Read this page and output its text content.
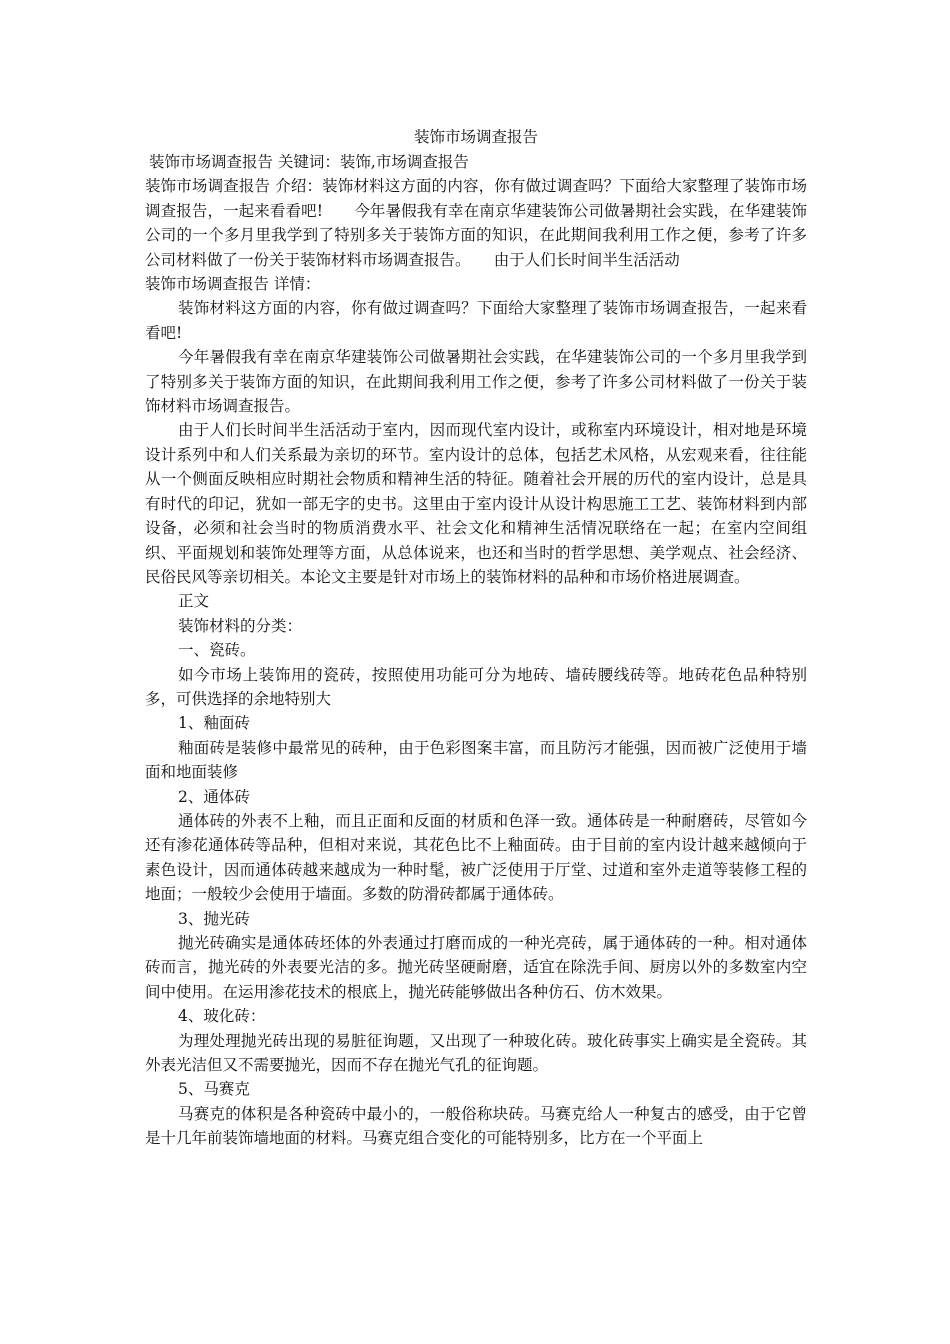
装饰市场调查报告

装饰市场调查报告 关键词：装饰,市场调查报告

装饰市场调查报告 介绍：装饰材料这方面的内容，你有做过调查吗？下面给大家整理了装饰市场调查报告，一起来看看吧!　　今年暑假我有幸在南京华建装饰公司做暑期社会实践，在华建装饰公司的一个多月里我学到了特别多关于装饰方面的知识，在此期间我利用工作之便，参考了许多公司材料做了一份关于装饰材料市场调查报告。　　由于人们长时间半生活活动

装饰市场调查报告 详情：

装饰材料这方面的内容，你有做过调查吗？下面给大家整理了装饰市场调查报告，一起来看看吧!

今年暑假我有幸在南京华建装饰公司做暑期社会实践，在华建装饰公司的一个多月里我学到了特别多关于装饰方面的知识，在此期间我利用工作之便，参考了许多公司材料做了一份关于装饰材料市场调查报告。

由于人们长时间半生活活动于室内，因而现代室内设计，或称室内环境设计，相对地是环境设计系列中和人们关系最为亲切的环节。室内设计的总体，包括艺术风格，从宏观来看，往往能从一个侧面反映相应时期社会物质和精神生活的特征。随着社会开展的历代的室内设计，总是具有时代的印记，犹如一部无字的史书。这里由于室内设计从设计构思施工工艺、装饰材料到内部设备，必须和社会当时的物质消费水平、社会文化和精神生活情况联络在一起；在室内空间组织、平面规划和装饰处理等方面，从总体说来，也还和当时的哲学思想、美学观点、社会经济、民俗民风等亲切相关。本论文主要是针对市场上的装饰材料的品种和市场价格进展调查。

正文

装饰材料的分类：

一、瓷砖。

如今市场上装饰用的瓷砖，按照使用功能可分为地砖、墙砖腰线砖等。地砖花色品种特别多，可供选择的余地特别大

1、釉面砖

釉面砖是装修中最常见的砖种，由于色彩图案丰富，而且防污才能强，因而被广泛使用于墙面和地面装修

2、通体砖

通体砖的外表不上釉，而且正面和反面的材质和色泽一致。通体砖是一种耐磨砖，尽管如今还有渗花通体砖等品种，但相对来说，其花色比不上釉面砖。由于目前的室内设计越来越倾向于素色设计，因而通体砖越来越成为一种时髦，被广泛使用于厅堂、过道和室外走道等装修工程的地面；一般较少会使用于墙面。多数的防滑砖都属于通体砖。

3、抛光砖

抛光砖确实是通体砖坯体的外表通过打磨而成的一种光亮砖，属于通体砖的一种。相对通体砖而言，抛光砖的外表要光洁的多。抛光砖坚硬耐磨，适宜在除洗手间、厨房以外的多数室内空间中使用。在运用渗花技术的根底上，抛光砖能够做出各种仿石、仿木效果。

4、玻化砖：

为理处理抛光砖出现的易脏征询题，又出现了一种玻化砖。玻化砖事实上确实是全瓷砖。其外表光洁但又不需要抛光，因而不存在抛光气孔的征询题。

5、马赛克

马赛克的体积是各种瓷砖中最小的，一般俗称块砖。马赛克给人一种复古的感受，由于它曾是十几年前装饰墙地面的材料。马赛克组合变化的可能特别多，比方在一个平面上
